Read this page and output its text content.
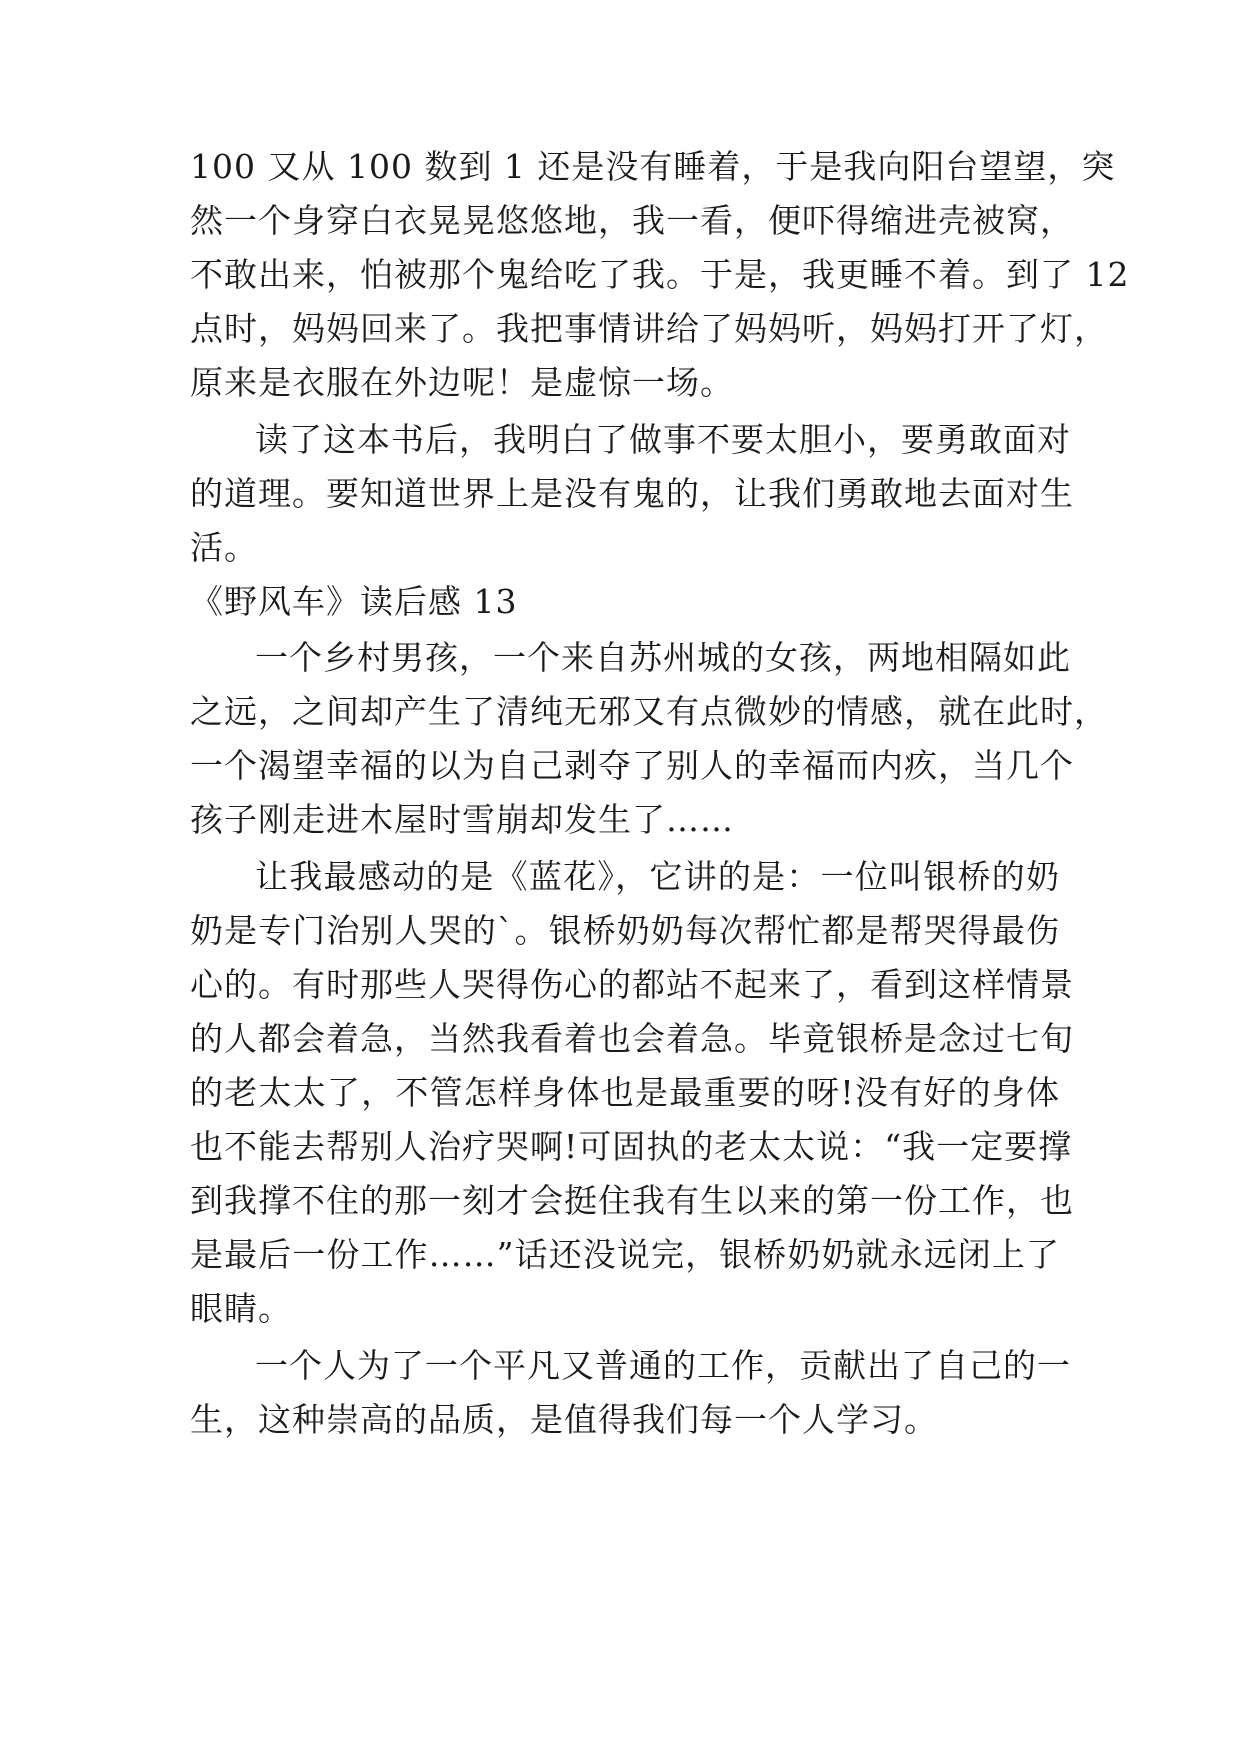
100 又从 100 数到 1 还是没有睡着，于是我向阳台望望，突
然一个身穿白衣晃晃悠悠地，我一看，便吓得缩进壳被窝，
不敢出来，怕被那个鬼给吃了我。于是，我更睡不着。到了 12
点时，妈妈回来了。我把事情讲给了妈妈听，妈妈打开了灯，
原来是衣服在外边呢！是虚惊一场。
读了这本书后，我明白了做事不要太胆小，要勇敢面对
的道理。要知道世界上是没有鬼的，让我们勇敢地去面对生
活。
《野风车》读后感 13
一个乡村男孩，一个来自苏州城的女孩，两地相隔如此
之远，之间却产生了清纯无邪又有点微妙的情感，就在此时，
一个渴望幸福的以为自己剥夺了别人的幸福而内疚，当几个
孩子刚走进木屋时雪崩却发生了……
让我最感动的是《蓝花》，它讲的是：一位叫银桥的奶
奶是专门治别人哭的`。银桥奶奶每次帮忙都是帮哭得最伤
心的。有时那些人哭得伤心的都站不起来了，看到这样情景
的人都会着急，当然我看着也会着急。毕竟银桥是念过七旬
的老太太了，不管怎样身体也是最重要的呀!没有好的身体
也不能去帮别人治疗哭啊!可固执的老太太说：“我一定要撑
到我撑不住的那一刻才会挺住我有生以来的第一份工作，也
是最后一份工作……”话还没说完，银桥奶奶就永远闭上了
眼睛。
一个人为了一个平凡又普通的工作，贡献出了自己的一
生，这种崇高的品质，是值得我们每一个人学习。
